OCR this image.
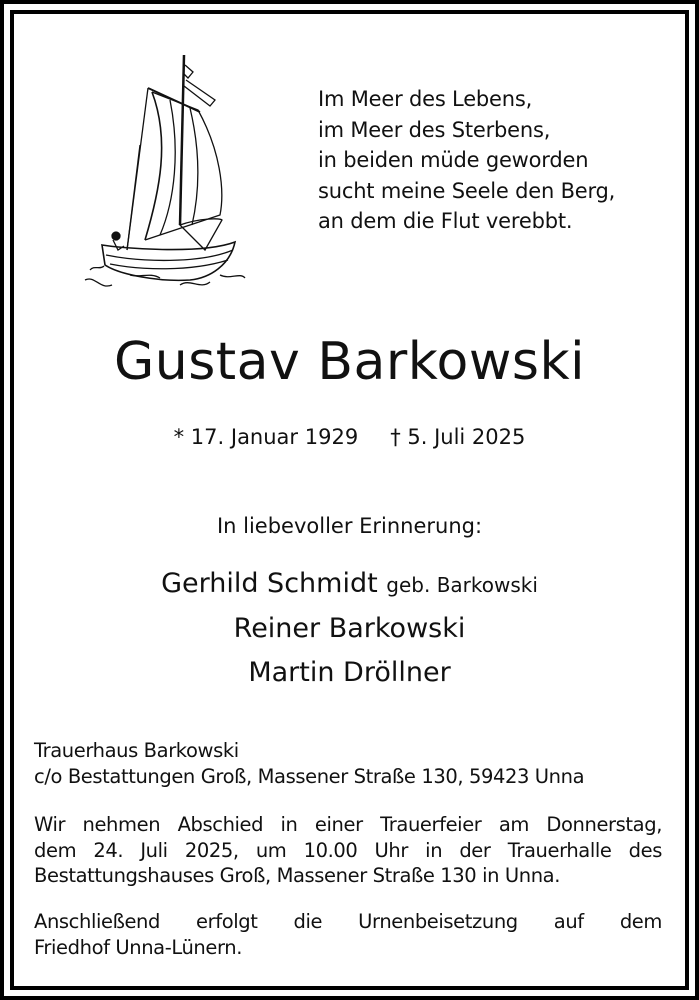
Im Meer des Lebens,
im Meer des Sterbens,
in beiden müde geworden
sucht meine Seele den Berg,
an dem die Flut verebbt.
Gustav Barkowski
* 17. Januar 1929 † 5. Juli 2025
In liebevoller Erinnerung:
Gerhild Schmidt geb. Barkowski
Reiner Barkowski
Martin Dröllner
Trauerhaus Barkowski
c/o Bestattungen Groß, Massener Straße 130, 59423 Unna
Wir nehmen Abschied in einer Trauerfeier am Donnerstag,
dem 24. Juli 2025, um 10.00 Uhr in der Trauerhalle des
Bestattungshauses Groß, Massener Straße 130 in Unna.
Anschließend erfolgt die Urnenbeisetzung auf dem
Friedhof Unna-Lünern.
